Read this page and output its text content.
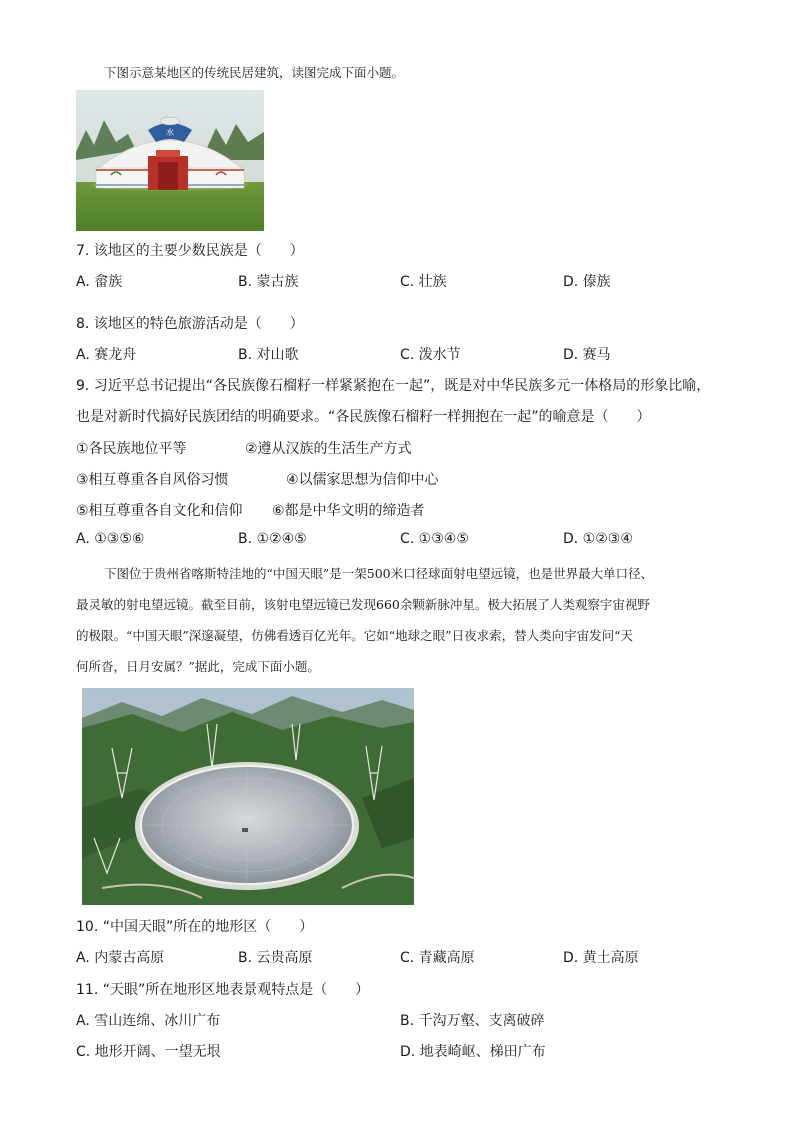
下图示意某地区的传统民居建筑，读图完成下面小题。
水
7. 该地区的主要少数民族是（　　）
A. 畲族	B. 蒙古族	C. 壮族	D. 傣族
8. 该地区的特色旅游活动是（　　）
A. 赛龙舟	B. 对山歌	C. 泼水节	D. 赛马
9. 习近平总书记提出“各民族像石榴籽一样紧紧抱在一起”，既是对中华民族多元一体格局的形象比喻，
也是对新时代搞好民族团结的明确要求。“各民族像石榴籽一样拥抱在一起”的喻意是（　　）
①各民族地位平等	②遵从汉族的生活生产方式
③相互尊重各自风俗习惯	④以儒家思想为信仰中心
⑤相互尊重各自文化和信仰 ⑥都是中华文明的缔造者
A. ①③⑤⑥	B. ①②④⑤	C. ①③④⑤	D. ①②③④
下图位于贵州省喀斯特洼地的“中国天眼”是一架500米口径球面射电望远镜，也是世界最大单口径、
最灵敏的射电望远镜。截至目前，该射电望远镜已发现660余颗新脉冲星。极大拓展了人类观察宇宙视野
的极限。“中国天眼”深邃凝望，仿佛看透百亿光年。它如“地球之眼”日夜求索，替人类向宇宙发问“天
何所沓，日月安属？”据此，完成下面小题。
10. “中国天眼”所在的地形区（　　）
A. 内蒙古高原	B. 云贵高原	C. 青藏高原	D. 黄土高原
11. “天眼”所在地形区地表景观特点是（　　）
A. 雪山连绵、冰川广布	B. 千沟万壑、支离破碎
C. 地形开阔、一望无垠	D. 地表崎岖、梯田广布
